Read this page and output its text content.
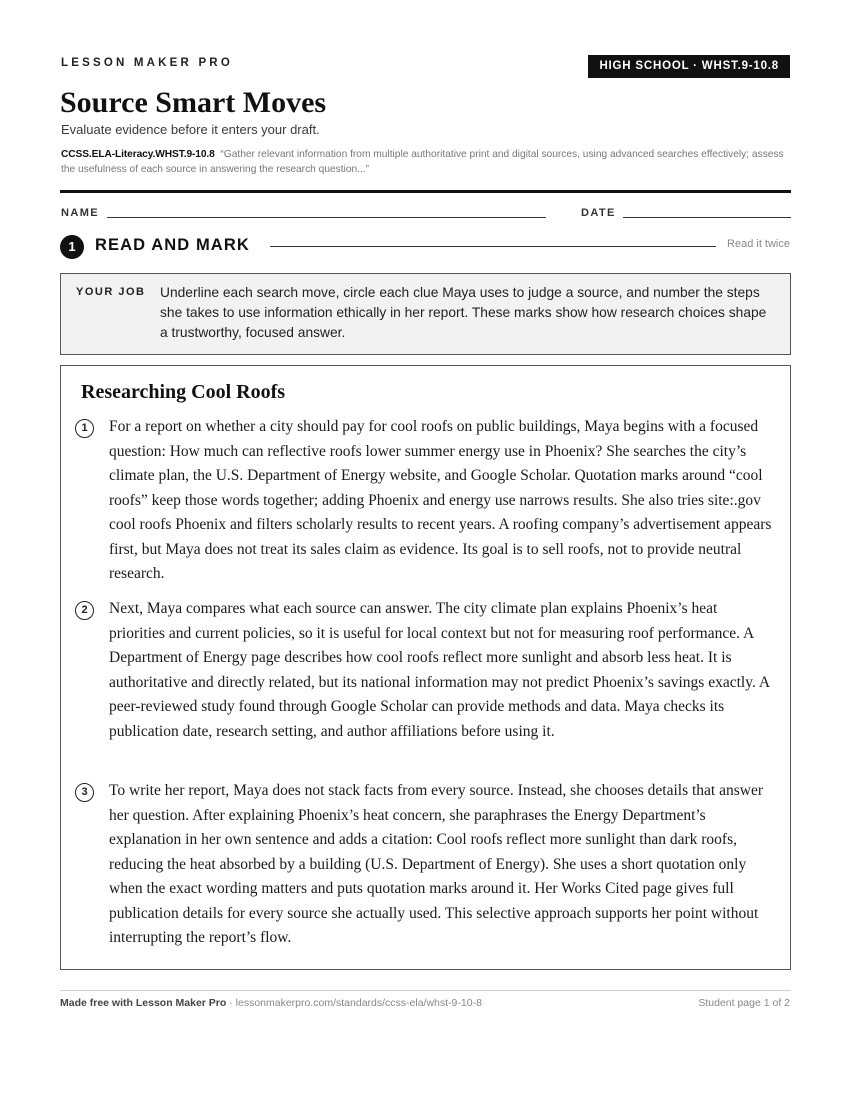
LESSON MAKER PRO	HIGH SCHOOL · WHST.9-10.8
Source Smart Moves
Evaluate evidence before it enters your draft.
CCSS.ELA-Literacy.WHST.9-10.8 “Gather relevant information from multiple authoritative print and digital sources, using advanced searches effectively; assess the usefulness of each source in answering the research question...”
NAME	DATE
1	READ AND MARK	Read it twice
YOUR JOB Underline each search move, circle each clue Maya uses to judge a source, and number the steps she takes to use information ethically in her report. These marks show how research choices shape a trustworthy, focused answer.
Researching Cool Roofs
1	For a report on whether a city should pay for cool roofs on public buildings, Maya begins with a focused question: How much can reflective roofs lower summer energy use in Phoenix? She searches the city’s climate plan, the U.S. Department of Energy website, and Google Scholar. Quotation marks around “cool roofs” keep those words together; adding Phoenix and energy use narrows results. She also tries site:.gov cool roofs Phoenix and filters scholarly results to recent years. A roofing company’s advertisement appears first, but Maya does not treat its sales claim as evidence. Its goal is to sell roofs, not to provide neutral research.

2	Next, Maya compares what each source can answer. The city climate plan explains Phoenix’s heat priorities and current policies, so it is useful for local context but not for measuring roof performance. A Department of Energy page describes how cool roofs reflect more sunlight and absorb less heat. It is authoritative and directly related, but its national information may not predict Phoenix’s savings exactly. A peer-reviewed study found through Google Scholar can provide methods and data. Maya checks its publication date, research setting, and author affiliations before using it.

3	To write her report, Maya does not stack facts from every source. Instead, she chooses details that answer her question. After explaining Phoenix’s heat concern, she paraphrases the Energy Department’s explanation in her own sentence and adds a citation: Cool roofs reflect more sunlight than dark roofs, reducing the heat absorbed by a building (U.S. Department of Energy). She uses a short quotation only when the exact wording matters and puts quotation marks around it. Her Works Cited page gives full publication details for every source she actually used. This selective approach supports her point without interrupting the report’s flow.

Made free with Lesson Maker Pro · lessonmakerpro.com/standards/ccss-ela/whst-9-10-8	Student page 1 of 2
